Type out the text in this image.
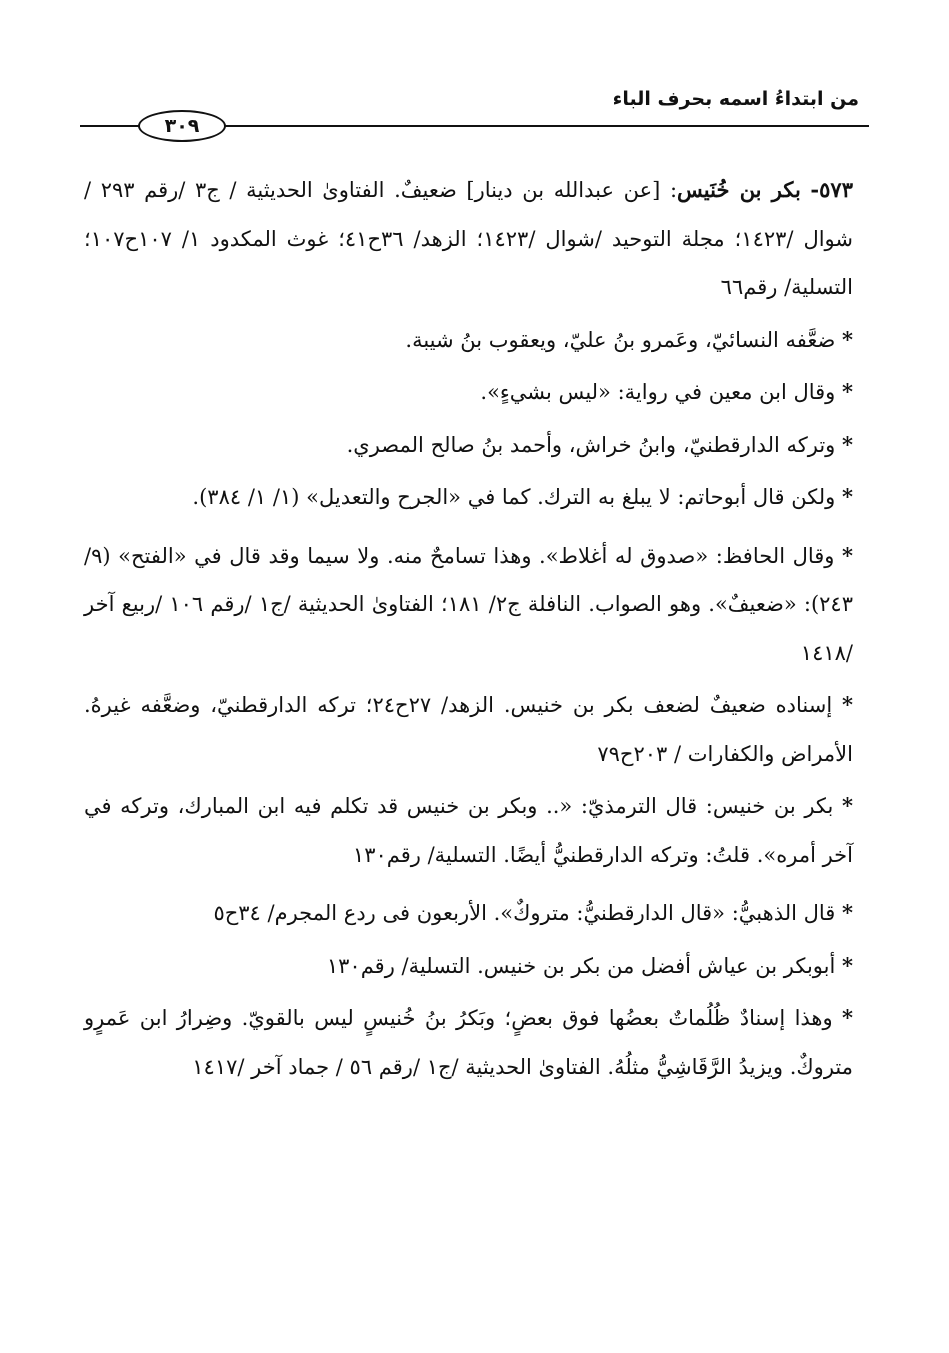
من ابتداءُ اسمه بحرف الباء
٣٠٩

٥٧٣- بكر بن خُنَيس: [عن عبدالله بن دينار] ضعيفٌ. الفتاوىٰ الحديثية / ج٣ /رقم ٢٩٣ /شوال /١٤٢٣؛ مجلة التوحيد /شوال /١٤٢٣؛ الزهد/ ٣٦ح٤١؛ غوث المكدود ١/ ١٠٧ح١٠٧؛ التسلية/ رقم٦٦

* ضعَّفه النسائيّ، وعَمرو بنُ عليّ، ويعقوب بنُ شيبة.

* وقال ابن معين في رواية: «ليس بشيءٍ».

* وتركه الدارقطنيّ، وابنُ خراش، وأحمد بنُ صالح المصري.

* ولكن قال أبوحاتم: لا يبلغ به الترك. كما في «الجرح والتعديل» (١/ ١/ ٣٨٤).

* وقال الحافظ: «صدوق له أغلاط». وهذا تسامحٌ منه. ولا سيما وقد قال في «الفتح» (٩/ ٢٤٣): «ضعيفٌ». وهو الصواب. النافلة ج٢/ ١٨١؛ الفتاوىٰ الحديثية /ج١ /رقم ١٠٦ /ربيع آخر /١٤١٨

* إسناده ضعيفٌ لضعف بكر بن خنيس. الزهد/ ٢٧ح٢٤؛ تركه الدارقطنيّ، وضعَّفه غيرهُ. الأمراض والكفارات / ٢٠٣ح٧٩

* بكر بن خنيس: قال الترمذيّ: «.. وبكر بن خنيس قد تكلم فيه ابن المبارك، وتركه في آخر أمره». قلتُ: وتركه الدارقطنيُّ أيضًا. التسلية/ رقم١٣٠

* قال الذهبيُّ: «قال الدارقطنيُّ: متروكٌ». الأربعون فى ردع المجرم/ ٣٤ح٥

* أبوبكر بن عياش أفضل من بكر بن خنيس. التسلية/ رقم١٣٠

* وهذا إسنادٌ ظُلُماتٌ بعضُها فوق بعضٍ؛ وبَكرُ بنُ خُنيسٍ ليس بالقويّ. وضِرارُ ابن عَمرٍو متروكٌ. ويزيدُ الرَّقَاشِيُّ مثلُهُ. الفتاوىٰ الحديثية /ج١ /رقم ٥٦ / جماد آخر /١٤١٧
